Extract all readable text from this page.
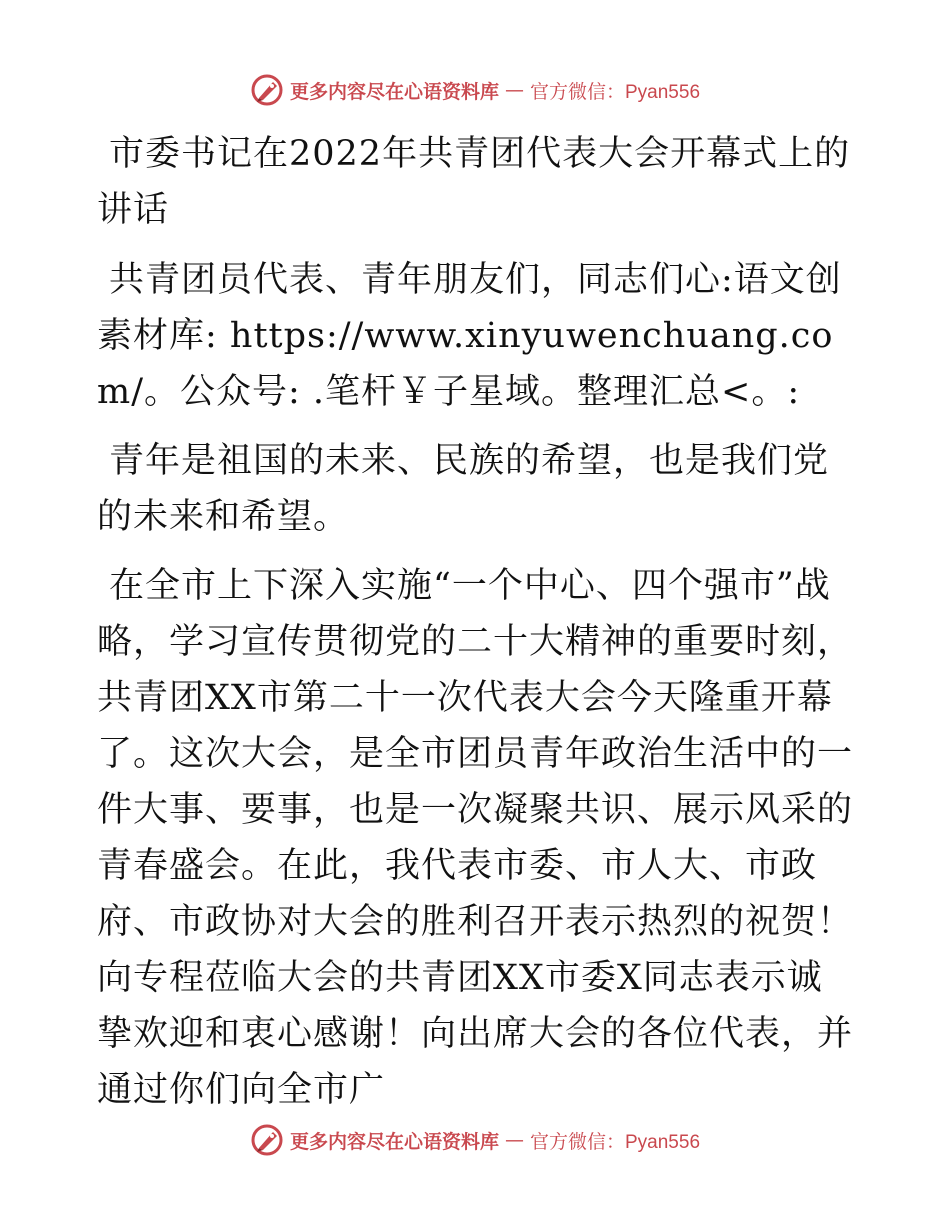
更多内容尽在心语资料库 — 官方微信：Pyan556

市委书记在2022年共青团代表大会开幕式上的讲话

共青团员代表、青年朋友们，同志们心:语文创素材库: https://www.xinyuwenchuang.com/。公众号: .笔杆￥子星域。整理汇总<。:

青年是祖国的未来、民族的希望，也是我们党的未来和希望。

在全市上下深入实施“一个中心、四个强市”战略，学习宣传贯彻党的二十大精神的重要时刻，共青团XX市第二十一次代表大会今天隆重开幕了。这次大会，是全市团员青年政治生活中的一件大事、要事，也是一次凝聚共识、展示风采的青春盛会。在此，我代表市委、市人大、市政府、市政协对大会的胜利召开表示热烈的祝贺！向专程莅临大会的共青团XX市委X同志表示诚挚欢迎和衷心感谢！向出席大会的各位代表，并通过你们向全市广

更多内容尽在心语资料库 — 官方微信：Pyan556
